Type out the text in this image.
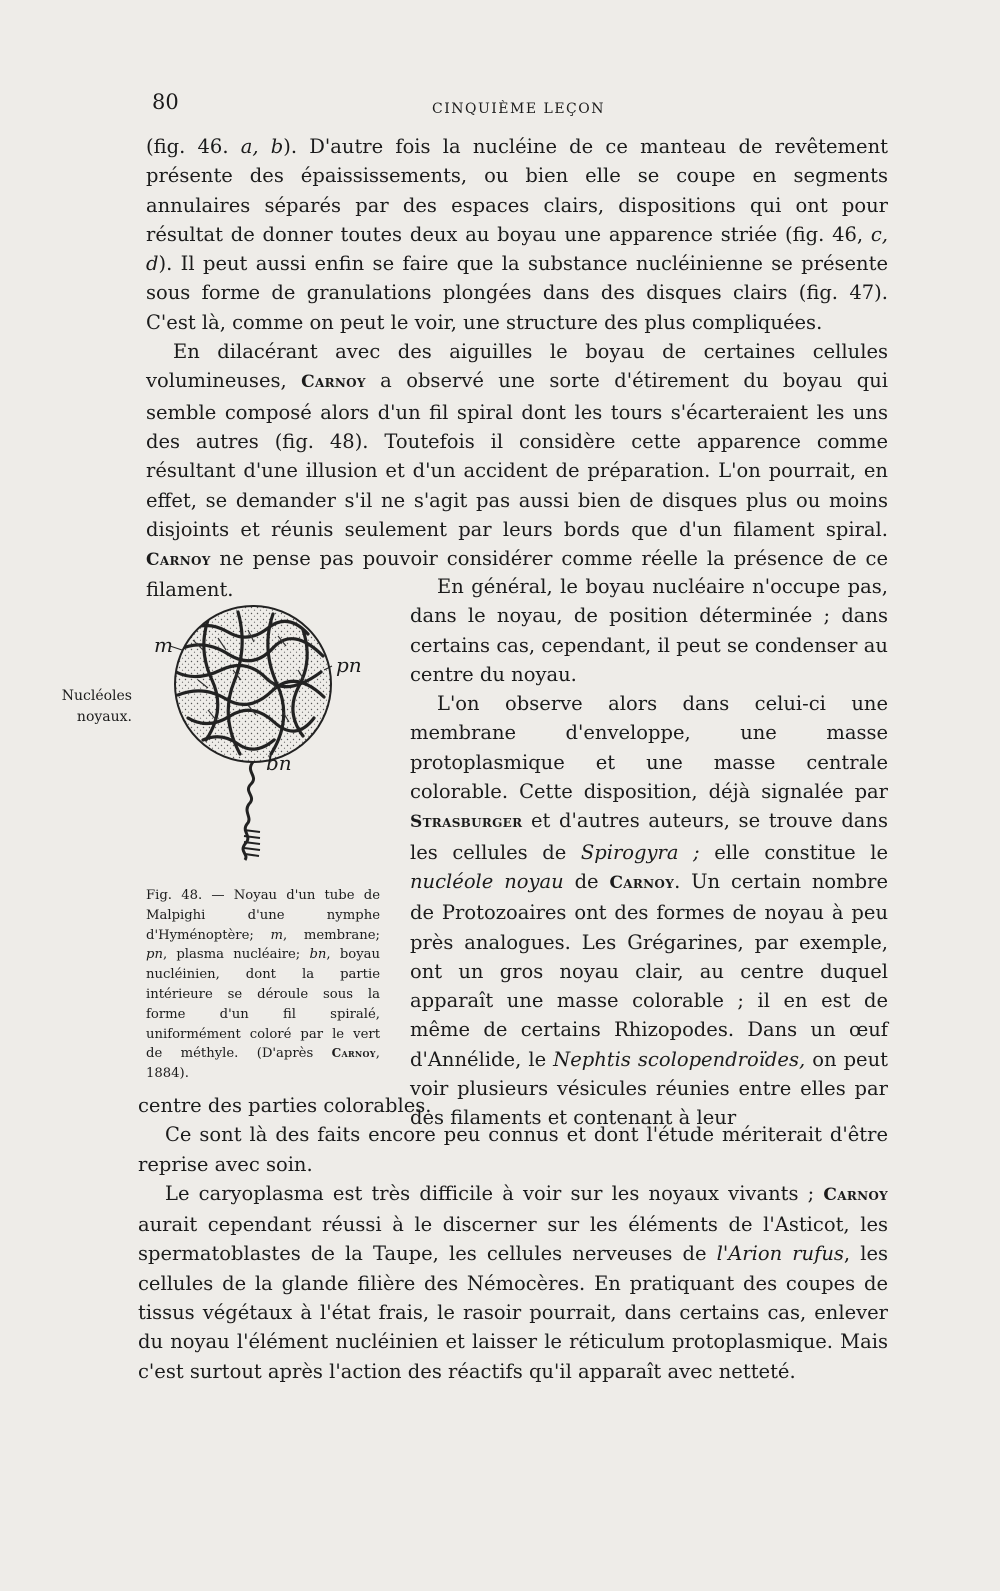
80	CINQUIÈME LEÇON

(fig. 46. a, b). D'autre fois la nucléine de ce manteau de revêtement présente des épaississements, ou bien elle se coupe en segments annulaires séparés par des espaces clairs, dispositions qui ont pour résultat de donner toutes deux au boyau une apparence striée (fig. 46, c, d). Il peut aussi enfin se faire que la substance nucléinienne se présente sous forme de granulations plongées dans des disques clairs (fig. 47). C'est là, comme on peut le voir, une structure des plus compliquées.

En dilacérant avec des aiguilles le boyau de certaines cellules volumineuses, Carnoy a observé une sorte d'étirement du boyau qui semble composé alors d'un fil spiral dont les tours s'écarteraient les uns des autres (fig. 48). Toutefois il considère cette apparence comme résultant d'une illusion et d'un accident de préparation. L'on pourrait, en effet, se demander s'il ne s'agit pas aussi bien de disques plus ou moins disjoints et réunis seulement par leurs bords que d'un filament spiral. Carnoy ne pense pas pouvoir considérer comme réelle la présence de ce filament.	En général, le boyau nucléaire n'occupe pas, dans le noyau, de position déterminée ; dans certains cas, cependant, il peut se condenser au centre du noyau.

L'on observe alors dans celui-ci une membrane d'enveloppe, une masse protoplasmique et une masse centrale colorable. Cette disposition, déjà signalée par Strasburger et d'autres auteurs, se trouve dans les cellules de Spirogyra ; elle constitue le nucléole noyau de Carnoy. Un certain nombre de Protozoaires ont des formes de noyau à peu près analogues. Les Grégarines, par exemple, ont un gros noyau clair, au centre duquel apparaît une masse colorable ; il en est de même de certains Rhizopodes. Dans un œuf d'Annélide, le Nephtis scolopendroïdes, on peut voir plusieurs vésicules réunies entre elles par des filaments et contenant à leur

centre des parties colorables.

Ce sont là des faits encore peu connus et dont l'étude mériterait d'être reprise avec soin.

Le caryoplasma est très difficile à voir sur les noyaux vivants ; Carnoy aurait cependant réussi à le discerner sur les éléments de l'Asticot, les spermatoblastes de la Taupe, les cellules nerveuses de l'Arion rufus, les cellules de la glande filière des Némocères. En pratiquant des coupes de tissus végétaux à l'état frais, le rasoir pourrait, dans certains cas, enlever du noyau l'élément nucléinien et laisser le réticulum protoplasmique. Mais c'est surtout après l'action des réactifs qu'il apparaît avec netteté.

Nucléoles noyaux.
m
pn
bn
Fig. 48. — Noyau d'un tube de Malpighi d'une nymphe d'Hyménoptère; m, membrane; pn, plasma nucléaire; bn, boyau nucléinien, dont la partie intérieure se déroule sous la forme d'un fil spiralé, uniformément coloré par le vert de méthyle. (D'après Carnoy, 1884).
